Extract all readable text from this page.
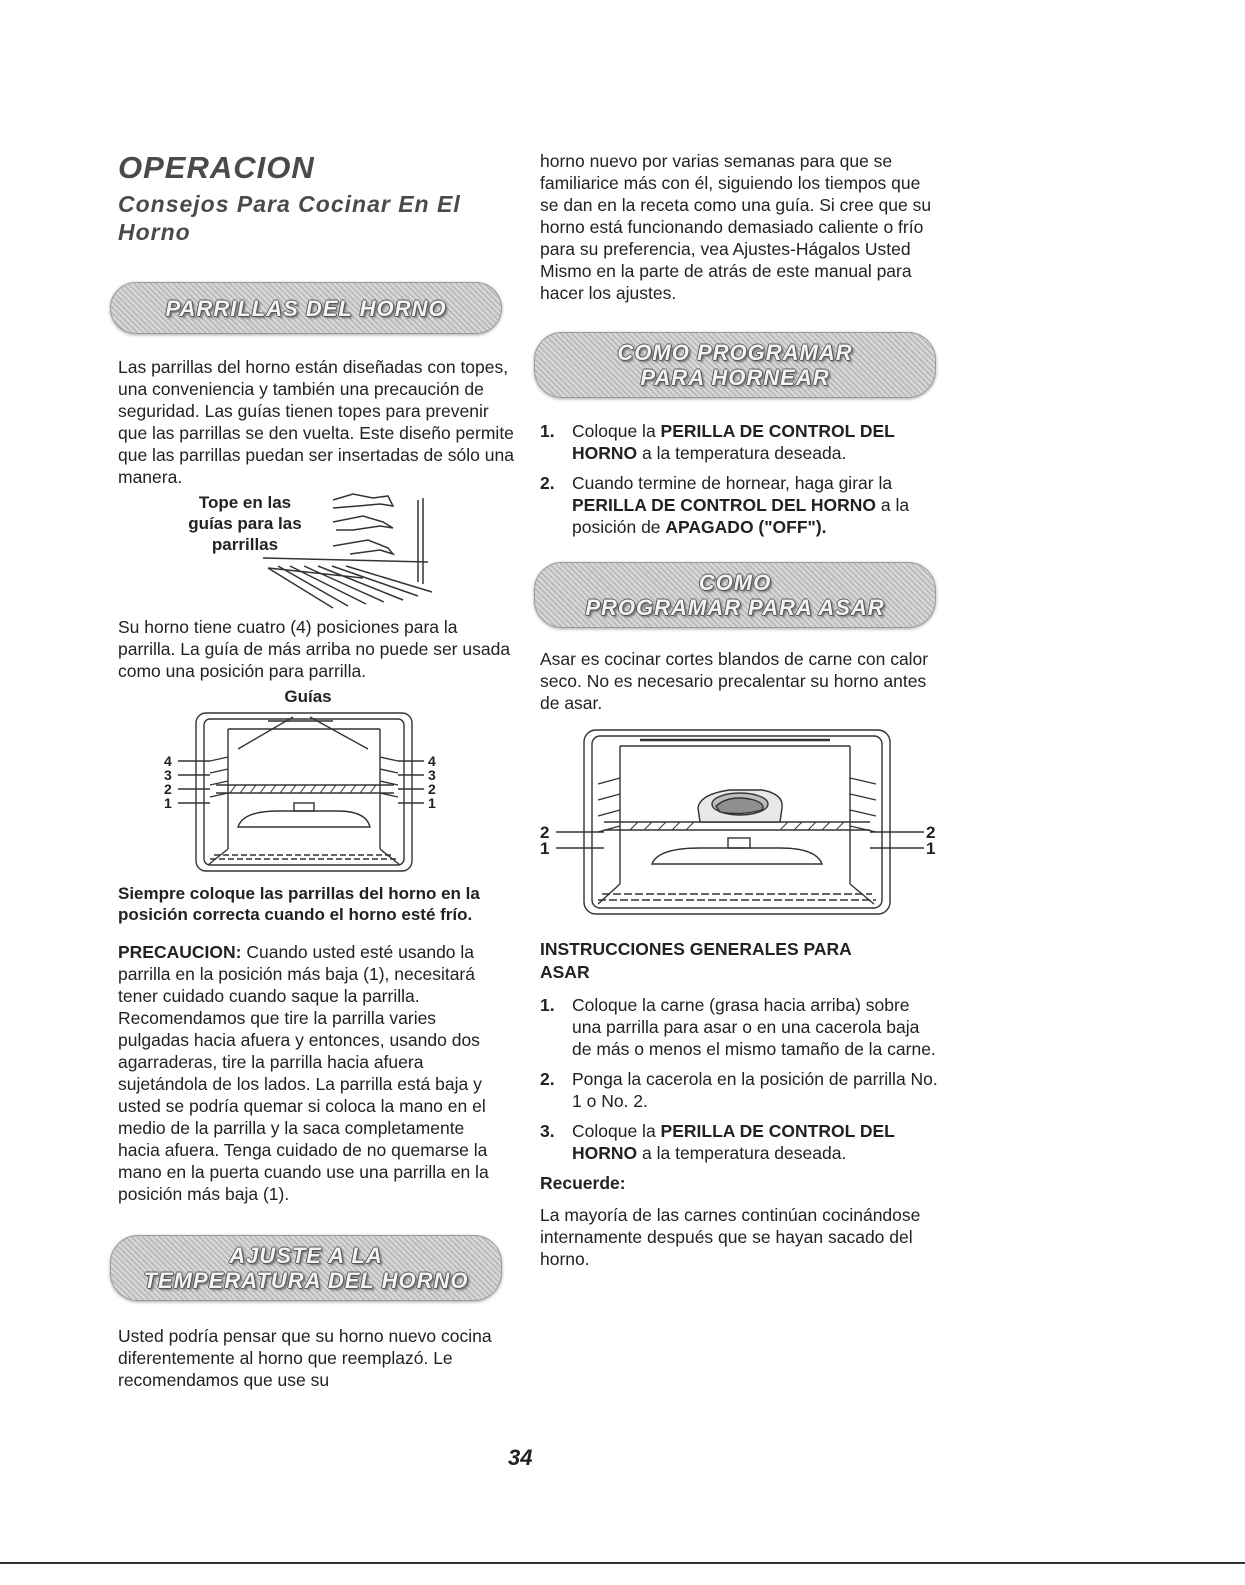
OPERACION
Consejos Para Cocinar En El Horno
PARRILLAS DEL HORNO

Las parrillas del horno están diseñadas con topes, una conveniencia y también una precaución de seguridad. Las guías tienen topes para prevenir que las parrillas se den vuelta. Este diseño permite que las parrillas puedan ser insertadas de sólo una manera.

Tope en las
guías para las
parrillas

Su horno tiene cuatro (4) posiciones para la parrilla. La guía de más arriba no puede ser usada como una posición para parrilla.

Guías
4
3
2
1
4
3
2
1

Siempre coloque las parrillas del horno en la posición correcta cuando el horno esté frío.

PRECAUCION: Cuando usted esté usando la parrilla en la posición más baja (1), necesitará tener cuidado cuando saque la parrilla. Recomendamos que tire la parrilla varies pulgadas hacia afuera y entonces, usando dos agarraderas, tire la parrilla hacia afuera sujetándola de los lados. La parrilla está baja y usted se podría quemar si coloca la mano en el medio de la parrilla y la saca completamente hacia afuera. Tenga cuidado de no quemarse la mano en la puerta cuando use una parrilla en la posición más baja (1).

AJUSTE A LA
TEMPERATURA DEL HORNO

Usted podría pensar que su horno nuevo cocina diferentemente al horno que reemplazó. Le recomendamos que use su

horno nuevo por varias semanas para que se familiarice más con él, siguiendo los tiempos que se dan en la receta como una guía. Si cree que su horno está funcionando demasiado caliente o frío para su preferencia, vea Ajustes-Hágalos Usted Mismo en la parte de atrás de este manual para hacer los ajustes.

COMO PROGRAMAR
PARA HORNEAR
1. Coloque la PERILLA DE CONTROL DEL HORNO a la temperatura deseada.
2. Cuando termine de hornear, haga girar la PERILLA DE CONTROL DEL HORNO a la posición de APAGADO ("OFF").
COMO
PROGRAMAR PARA ASAR

Asar es cocinar cortes blandos de carne con calor seco. No es necesario precalentar su horno antes de asar.

2
1
2
1

INSTRUCCIONES GENERALES PARA ASAR

1. Coloque la carne (grasa hacia arriba) sobre una parrilla para asar o en una cacerola baja de más o menos el mismo tamaño de la carne.
2. Ponga la cacerola en la posición de parrilla No. 1 o No. 2.
3. Coloque la PERILLA DE CONTROL DEL HORNO a la temperatura deseada.

Recuerde:

La mayoría de las carnes continúan cocinándose internamente después que se hayan sacado del horno.

34
